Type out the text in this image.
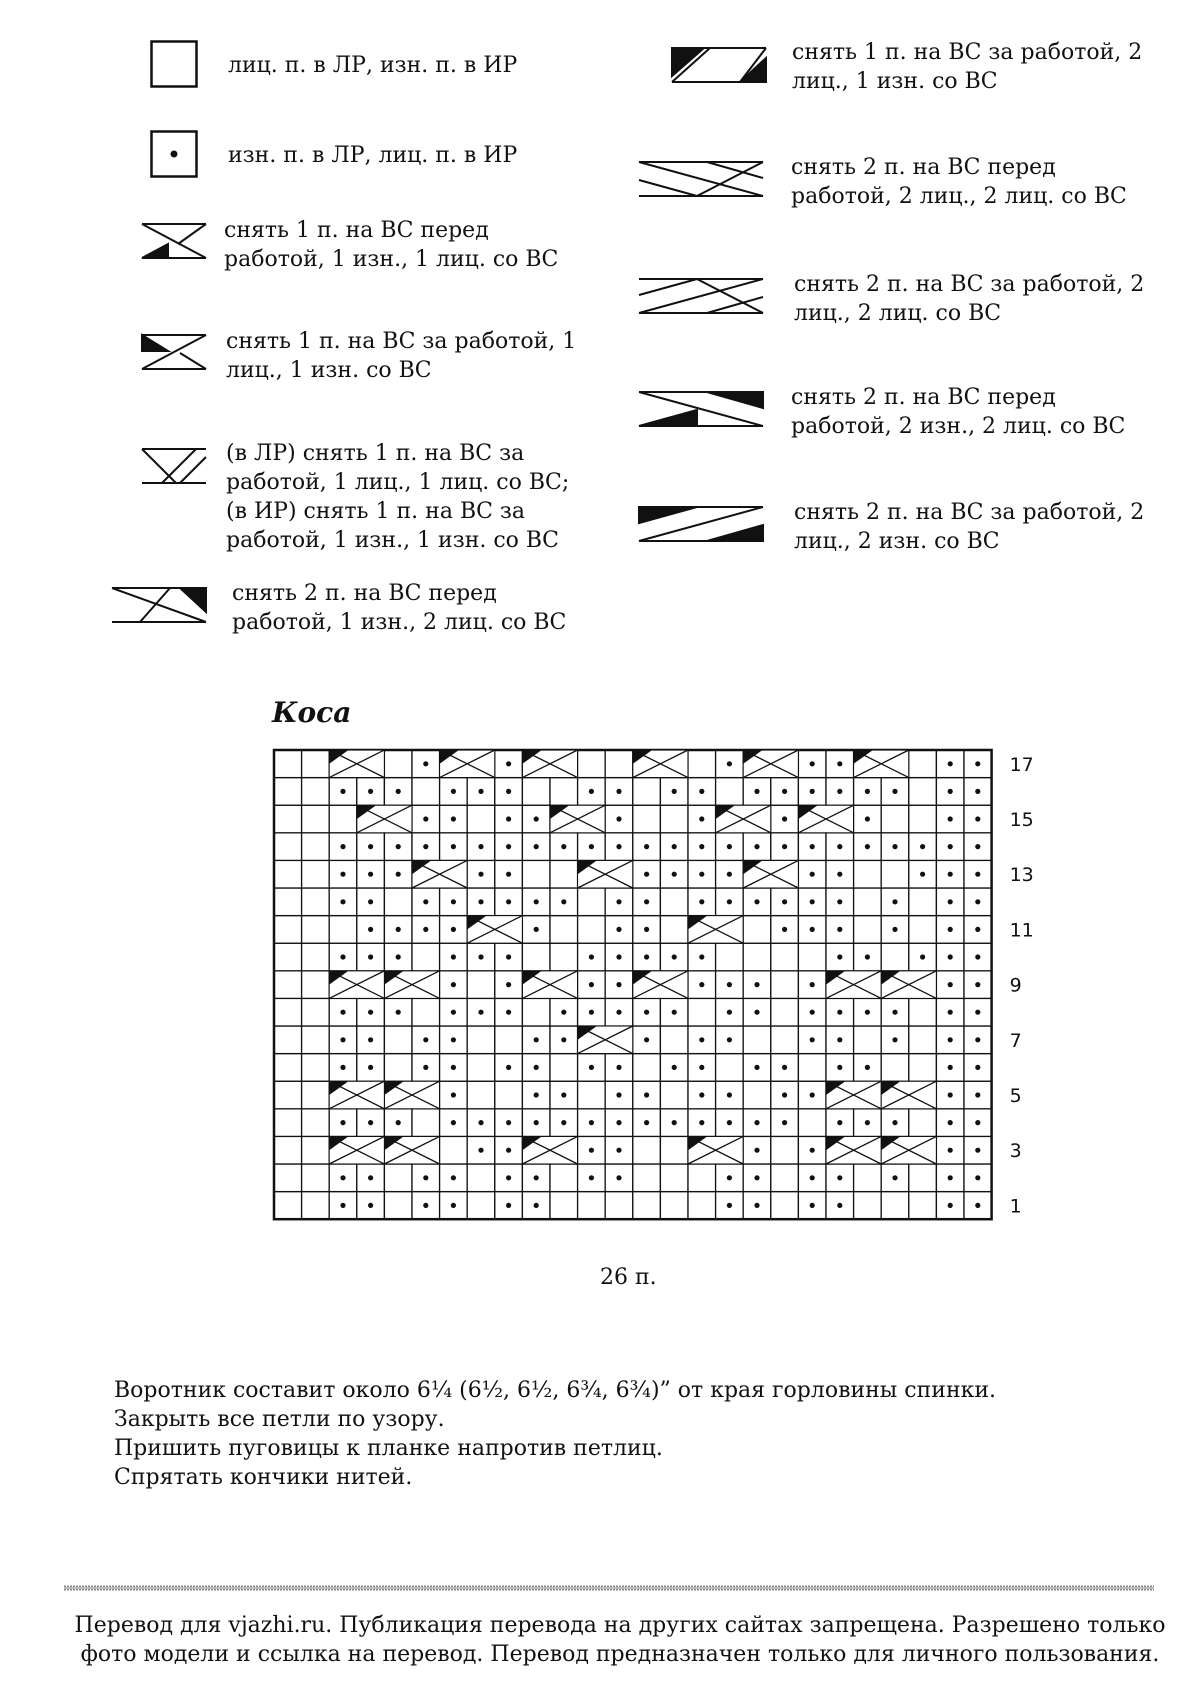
лиц. п. в ЛР, изн. п. в ИР
изн. п. в ЛР, лиц. п. в ИР
снять 1 п. на ВС перед
работой, 1 изн., 1 лиц. со ВС
снять 1 п. на ВС за работой, 1
лиц., 1 изн. со ВС
(в ЛР) снять 1 п. на ВС за
работой, 1 лиц., 1 лиц. со ВС;
(в ИР) снять 1 п. на ВС за
работой, 1 изн., 1 изн. со ВС
снять 2 п. на ВС перед
работой, 1 изн., 2 лиц. со ВС
снять 1 п. на ВС за работой, 2
лиц., 1 изн. со ВС
снять 2 п. на ВС перед
работой, 2 лиц., 2 лиц. со ВС
снять 2 п. на ВС за работой, 2
лиц., 2 лиц. со ВС
снять 2 п. на ВС перед
работой, 2 изн., 2 лиц. со ВС
снять 2 п. на ВС за работой, 2
лиц., 2 изн. со ВС
Коса
1
3
5
7
9
11
13
15
17
26 п.
Воротник составит около 6¼ (6½, 6½, 6¾, 6¾)” от края горловины спинки.
Закрыть все петли по узору.
Пришить пуговицы к планке напротив петлиц.
Спрятать кончики нитей.
Перевод для vjazhi.ru. Публикация перевода на других сайтах запрещена. Разрешено только
фото модели и ссылка на перевод. Перевод предназначен только для личного пользования.
